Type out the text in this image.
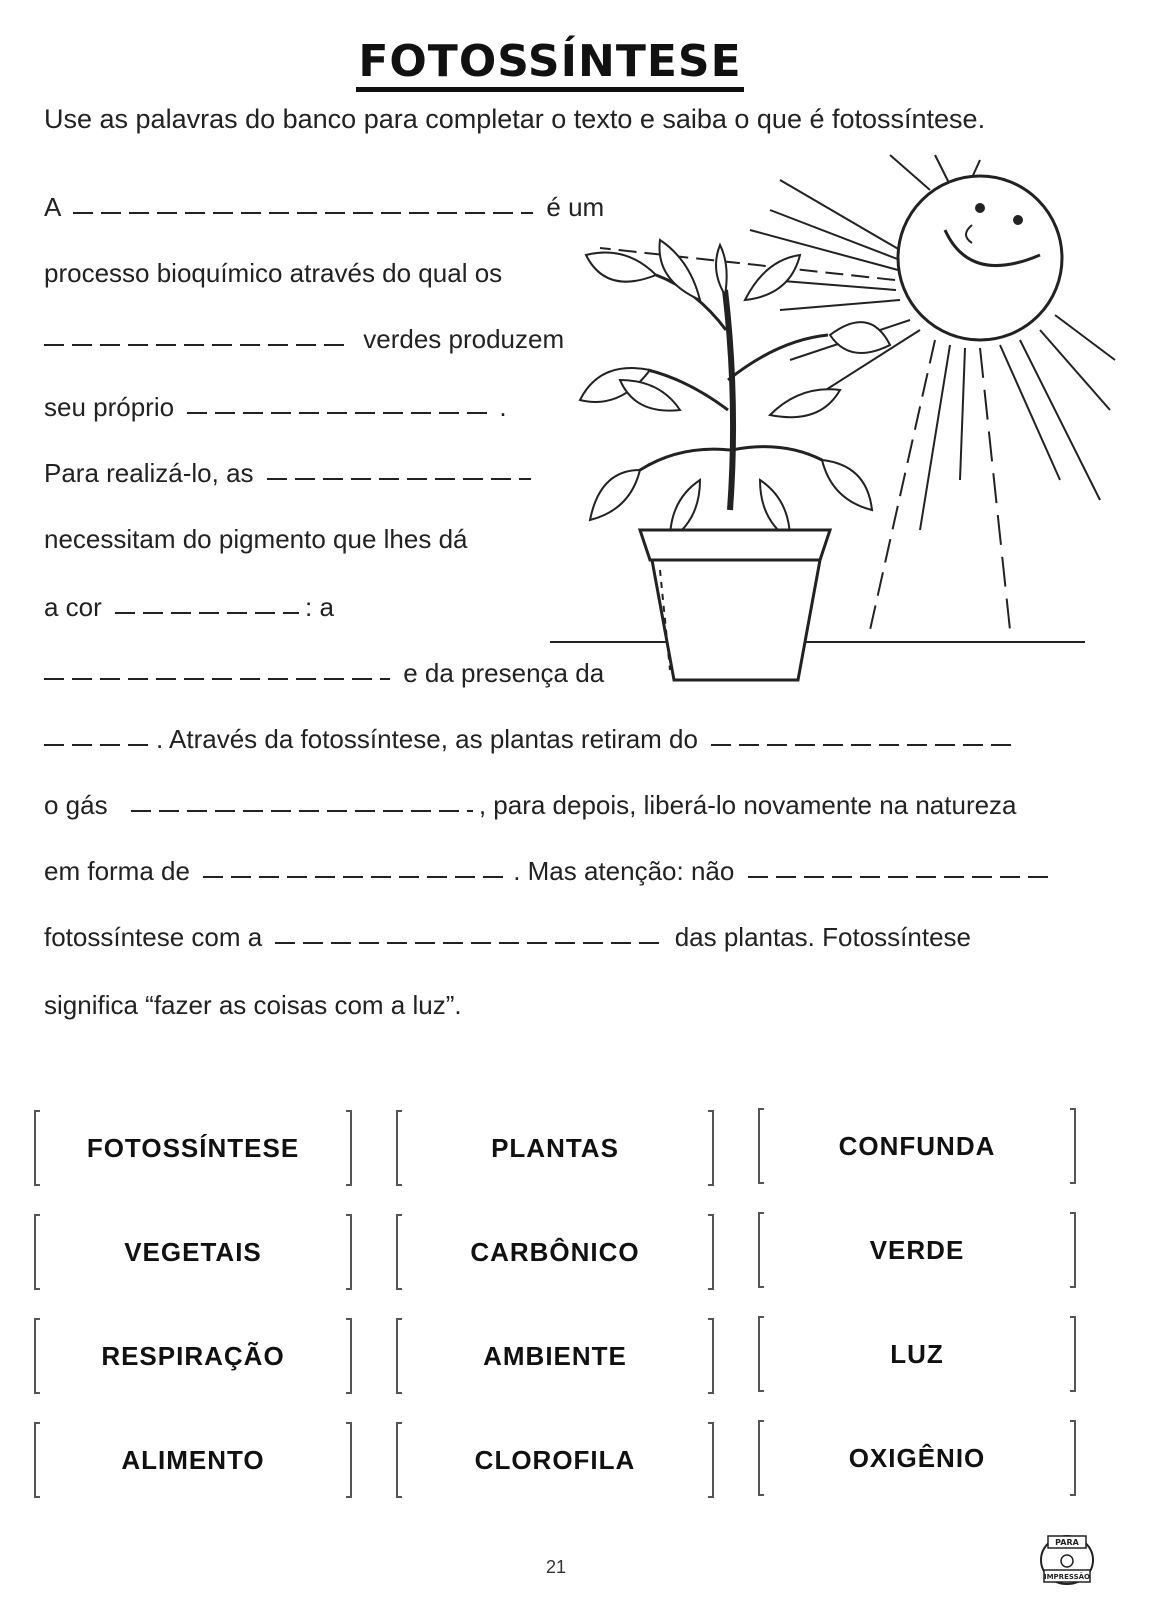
FOTOSSÍNTESE
Use as palavras do banco para completar o texto e saiba o que é fotossíntese.
A	é um
processo bioquímico através do qual os
verdes produzem
seu próprio	.
Para realizá-lo, as
necessitam do pigmento que lhes dá
a cor	: a
e da presença da
. Através da fotossíntese, as plantas retiram do
o gás	, para depois, liberá-lo novamente na natureza
em forma de	. Mas atenção: não
fotossíntese com a	das plantas. Fotossíntese
significa “fazer as coisas com a luz”.
FOTOSSÍNTESE	PLANTAS	CONFUNDA
VEGETAIS	CARBÔNICO	VERDE
RESPIRAÇÃO	AMBIENTE	LUZ
ALIMENTO	CLOROFILA	OXIGÊNIO
21
PARA
IMPRESSÃO
